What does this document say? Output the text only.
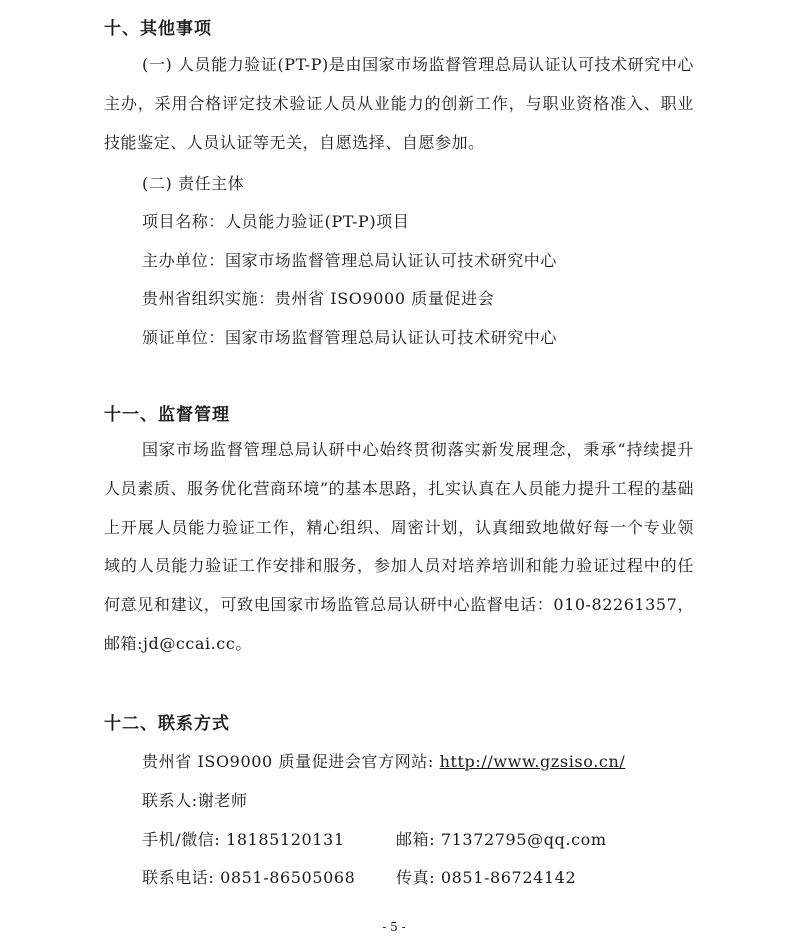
十、其他事项

(一) 人员能力验证(PT-P)是由国家市场监督管理总局认证认可技术研究中心主办，采用合格评定技术验证人员从业能力的创新工作，与职业资格准入、职业技能鉴定、人员认证等无关，自愿选择、自愿参加。

(二) 责任主体
项目名称：人员能力验证(PT-P)项目
主办单位：国家市场监督管理总局认证认可技术研究中心
贵州省组织实施：贵州省 ISO9000 质量促进会
颁证单位：国家市场监督管理总局认证认可技术研究中心
十一、监督管理

国家市场监督管理总局认研中心始终贯彻落实新发展理念，秉承“持续提升人员素质、服务优化营商环境”的基本思路，扎实认真在人员能力提升工程的基础上开展人员能力验证工作，精心组织、周密计划，认真细致地做好每一个专业领域的人员能力验证工作安排和服务，参加人员对培养培训和能力验证过程中的任何意见和建议，可致电国家市场监管总局认研中心监督电话：010-82261357，邮箱:jd@ccai.cc。

十二、联系方式
贵州省 ISO9000 质量促进会官方网站: http://www.gzsiso.cn/
联系人:谢老师
手机/微信: 18185120131	邮箱: 71372795@qq.com
联系电话: 0851-86505068	传真: 0851-86724142
- 5 -
